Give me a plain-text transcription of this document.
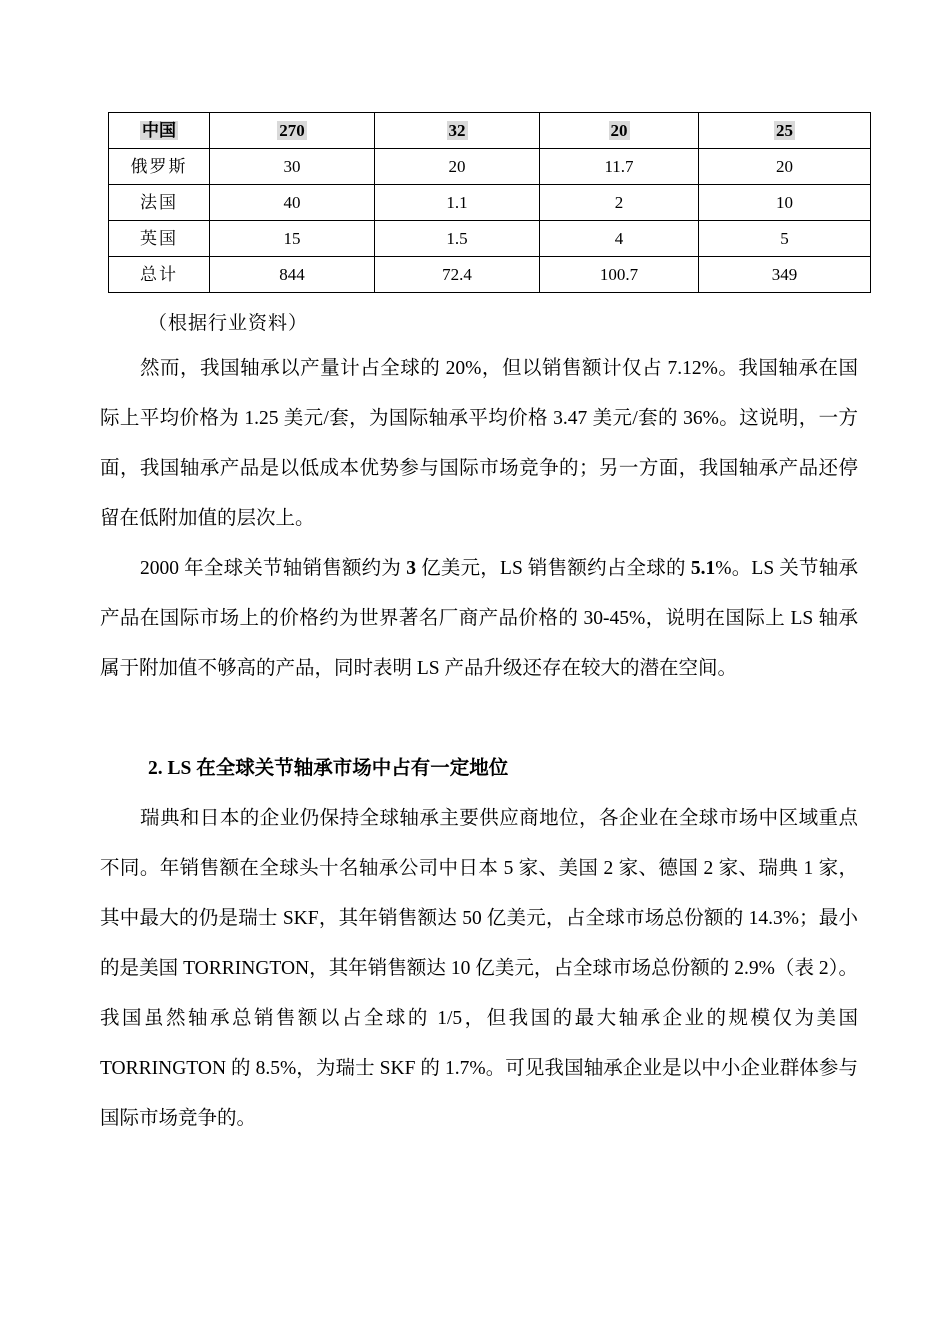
中国	270	32	20	25
俄罗斯	30	20	11.7	20
法国	40	1.1	2	10
英国	15	1.5	4	5
总计	844	72.4	100.7	349
（根据行业资料）

然而，我国轴承以产量计占全球的 20%，但以销售额计仅占 7.12%。我国轴承在国际上平均价格为 1.25 美元/套，为国际轴承平均价格 3.47 美元/套的 36%。这说明，一方面，我国轴承产品是以低成本优势参与国际市场竞争的；另一方面，我国轴承产品还停留在低附加值的层次上。

2000 年全球关节轴销售额约为 3 亿美元，LS 销售额约占全球的 5.1%。LS 关节轴承产品在国际市场上的价格约为世界著名厂商产品价格的 30-45%，说明在国际上 LS 轴承属于附加值不够高的产品，同时表明 LS 产品升级还存在较大的潜在空间。

2. LS 在全球关节轴承市场中占有一定地位

瑞典和日本的企业仍保持全球轴承主要供应商地位，各企业在全球市场中区域重点不同。年销售额在全球头十名轴承公司中日本 5 家、美国 2 家、德国 2 家、瑞典 1 家，其中最大的仍是瑞士 SKF，其年销售额达 50 亿美元，占全球市场总份额的 14.3%；最小的是美国 TORRINGTON，其年销售额达 10 亿美元，占全球市场总份额的 2.9%（表 2）。我国虽然轴承总销售额以占全球的 1/5，但我国的最大轴承企业的规模仅为美国 TORRINGTON 的 8.5%，为瑞士 SKF 的 1.7%。可见我国轴承企业是以中小企业群体参与国际市场竞争的。
